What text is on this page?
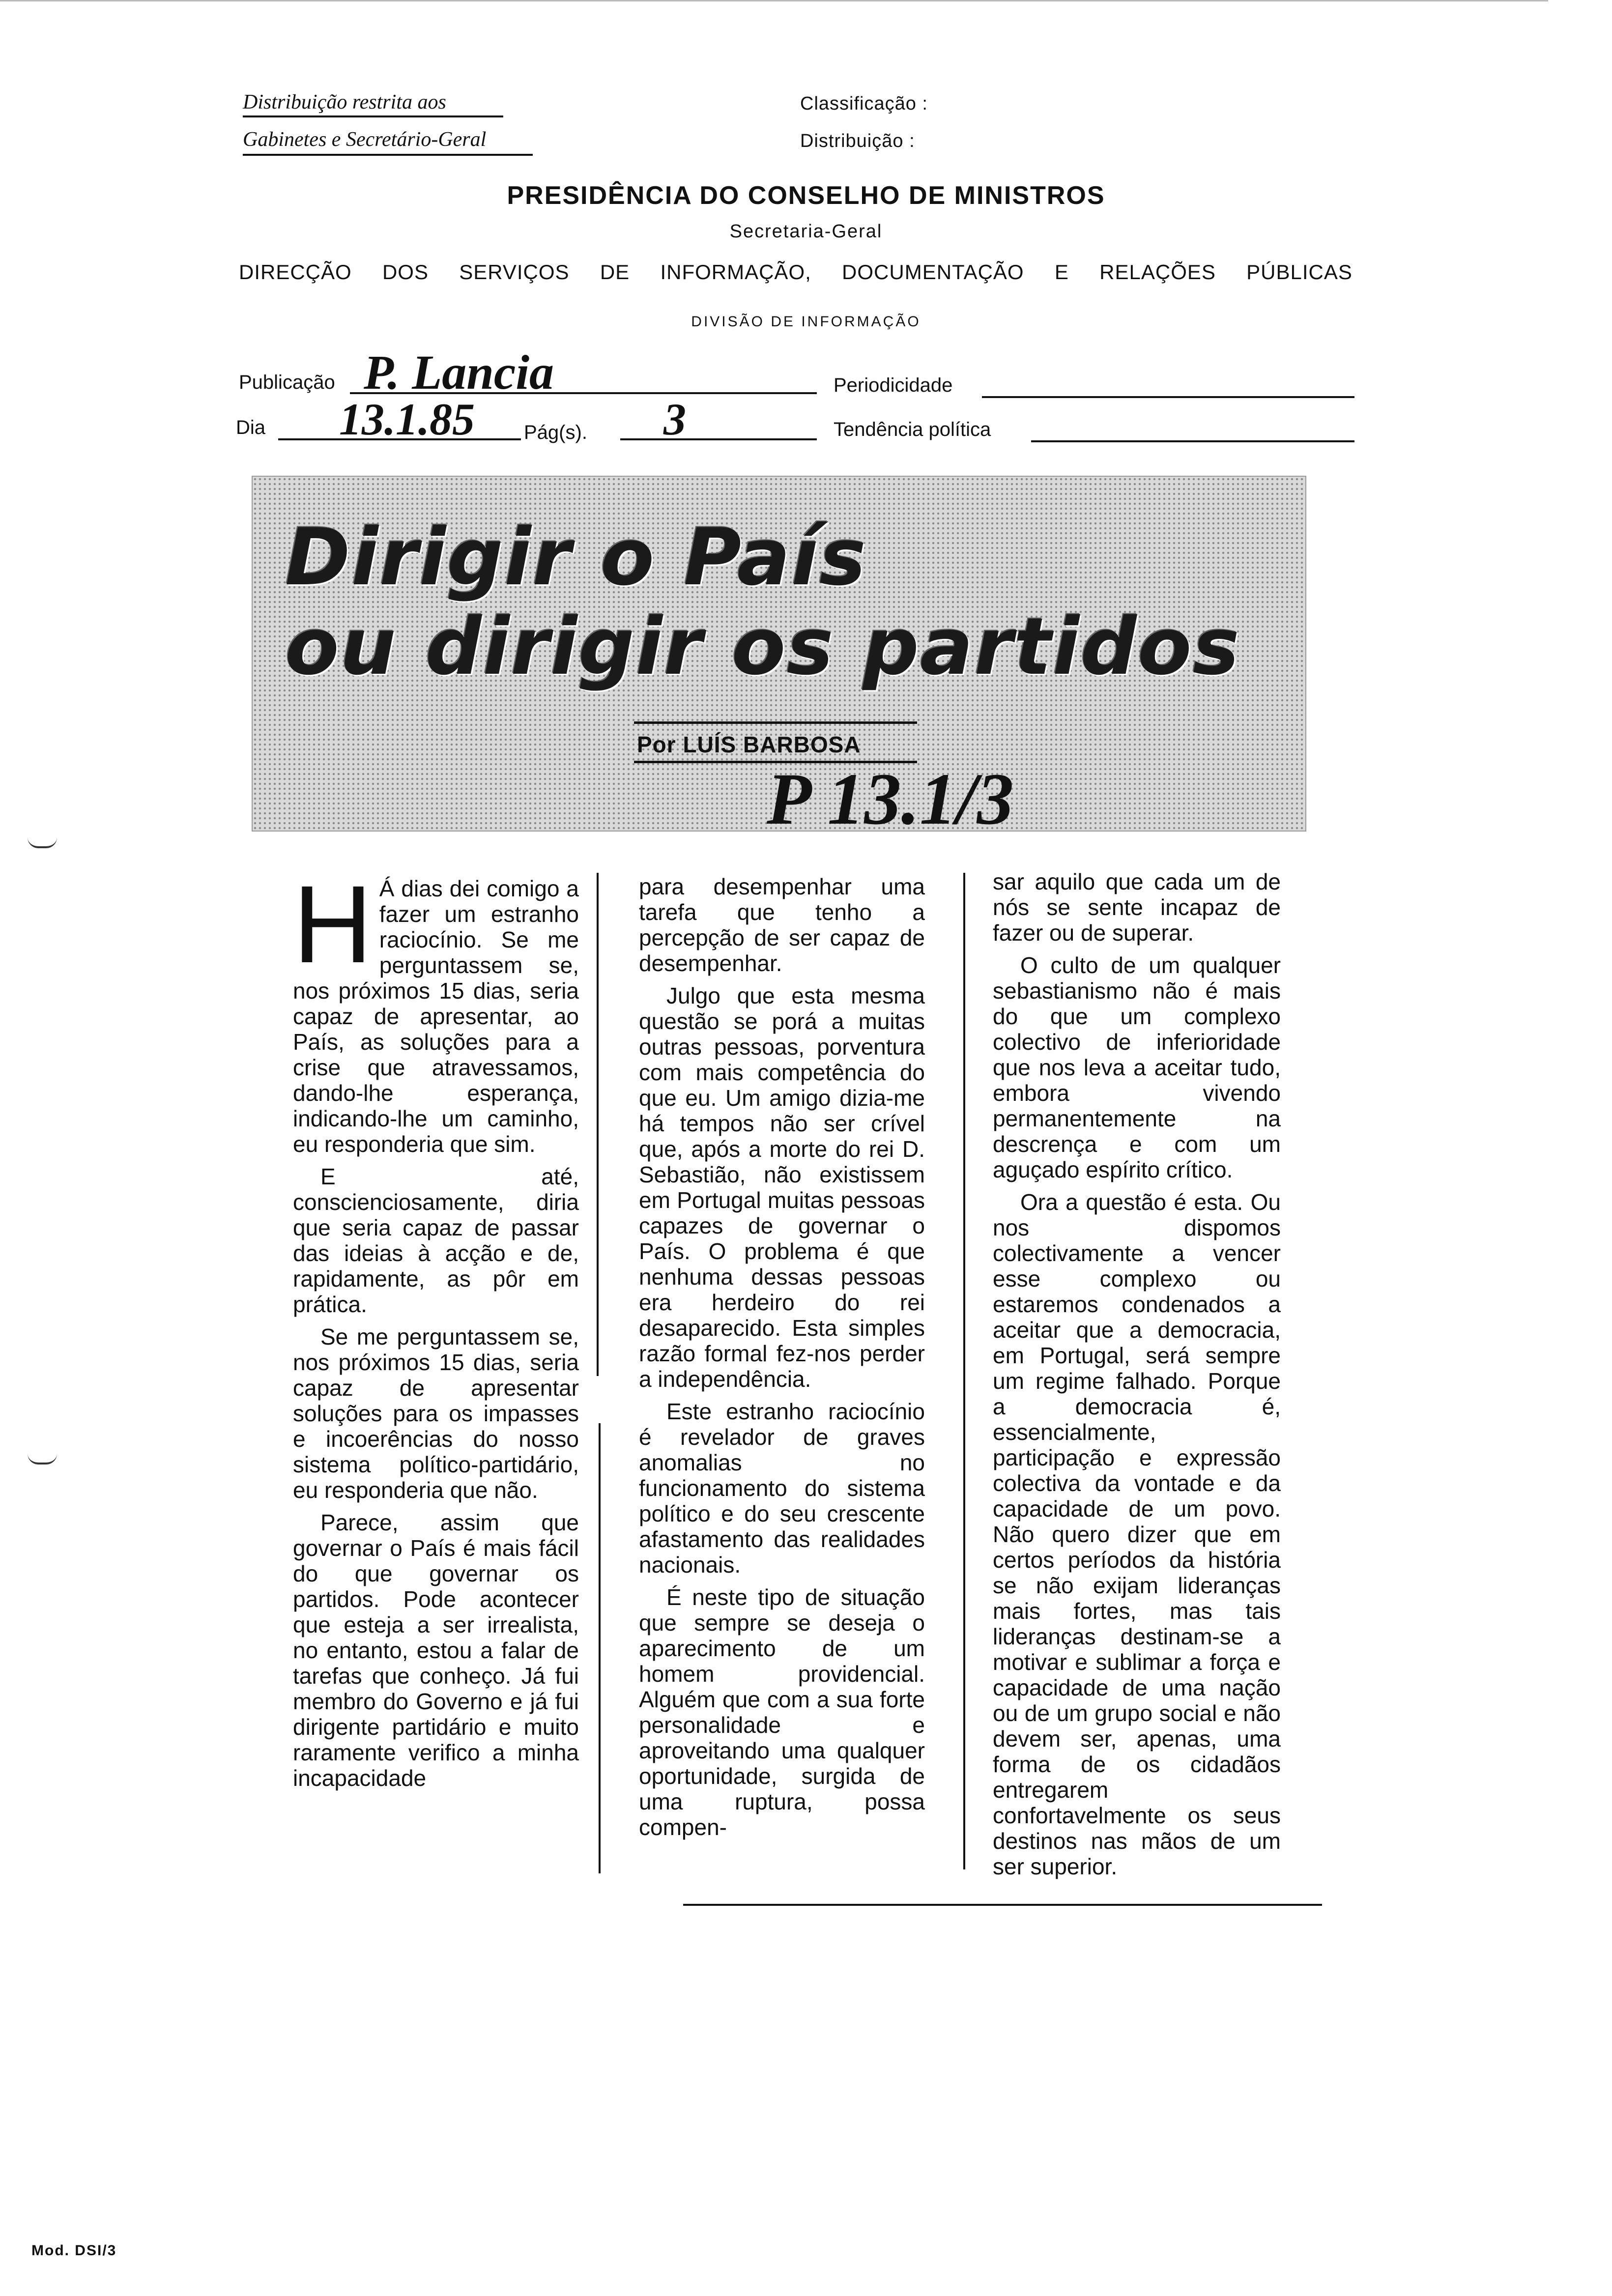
Distribuição restrita aos
Gabinetes e Secretário-Geral
Classificação :
Distribuição :
PRESIDÊNCIA DO CONSELHO DE MINISTROS
Secretaria-Geral
DIRECÇÃO DOS SERVIÇOS DE INFORMAÇÃO, DOCUMENTAÇÃO E RELAÇÕES PÚBLICAS
DIVISÃO DE INFORMAÇÃO
Publicação P. Lancia	Periodicidade
Dia 13.1.85	Pág(s). 3	Tendência política
Dirigir o País
ou dirigir os partidos
Por LUÍS BARBOSA
P 13.1/3
H Á dias dei comigo a fazer um estranho raciocínio. Se me perguntassem se, nos próximos 15 dias, seria capaz de apresentar, ao País, as soluções para a crise que atravessamos, dando-lhe esperança, indicando-lhe um caminho, eu responderia que sim.

E até, conscienciosamente, diria que seria capaz de passar das ideias à acção e de, rapidamente, as pôr em prática.

Se me perguntassem se, nos próximos 15 dias, seria capaz de apresentar soluções para os impasses e incoerências do nosso sistema político-partidário, eu responderia que não.

Parece, assim que governar o País é mais fácil do que governar os partidos. Pode acontecer que esteja a ser irrealista, no entanto, estou a falar de tarefas que conheço. Já fui membro do Governo e já fui dirigente partidário e muito raramente verifico a minha incapacidade

para desempenhar uma tarefa que tenho a percepção de ser capaz de desempenhar.

Julgo que esta mesma questão se porá a muitas outras pessoas, porventura com mais competência do que eu. Um amigo dizia-me há tempos não ser crível que, após a morte do rei D. Sebastião, não existissem em Portugal muitas pessoas capazes de governar o País. O problema é que nenhuma dessas pessoas era herdeiro do rei desaparecido. Esta simples razão formal fez-nos perder a independência.

Este estranho raciocínio é revelador de graves anomalias no funcionamento do sistema político e do seu crescente afastamento das realidades nacionais.

É neste tipo de situação que sempre se deseja o aparecimento de um homem providencial. Alguém que com a sua forte personalidade e aproveitando uma qualquer oportunidade, surgida de uma ruptura, possa compen-

sar aquilo que cada um de nós se sente incapaz de fazer ou de superar.

O culto de um qualquer sebastianismo não é mais do que um complexo colectivo de inferioridade que nos leva a aceitar tudo, embora vivendo permanentemente na descrença e com um aguçado espírito crítico.

Ora a questão é esta. Ou nos dispomos colectivamente a vencer esse complexo ou estaremos condenados a aceitar que a democracia, em Portugal, será sempre um regime falhado. Porque a democracia é, essencialmente, participação e expressão colectiva da vontade e da capacidade de um povo. Não quero dizer que em certos períodos da história se não exijam lideranças mais fortes, mas tais lideranças destinam-se a motivar e sublimar a força e capacidade de uma nação ou de um grupo social e não devem ser, apenas, uma forma de os cidadãos entregarem confortavelmente os seus destinos nas mãos de um ser superior.

Mod. DSI/3
